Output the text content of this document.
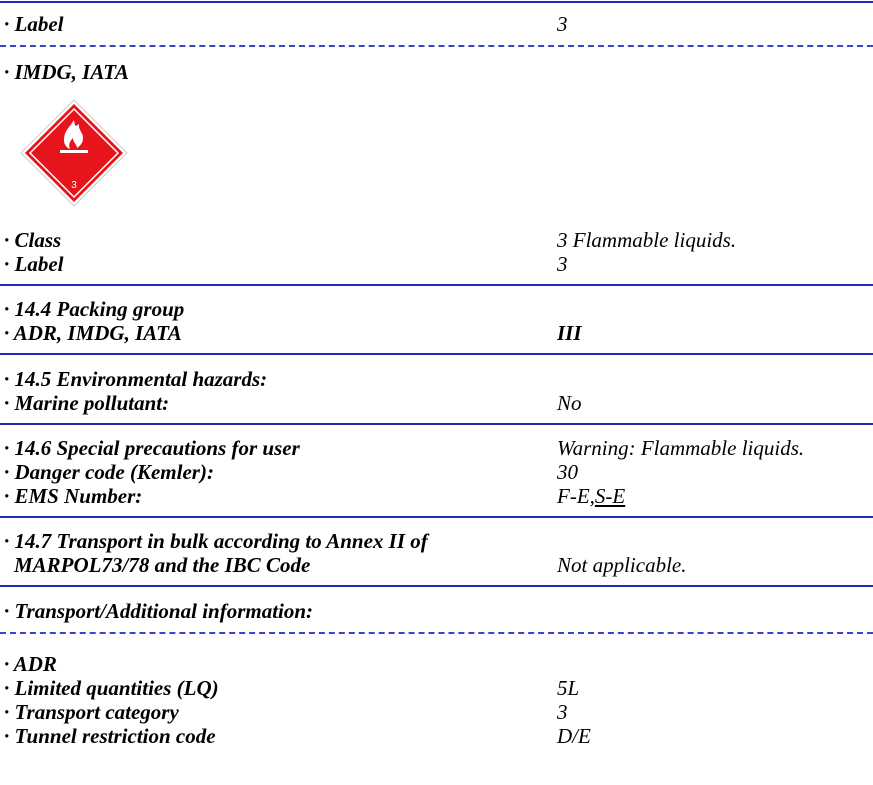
· Label	3
· IMDG, IATA
3
· Class	3 Flammable liquids.
· Label	3
· 14.4 Packing group
· ADR, IMDG, IATA	III
· 14.5 Environmental hazards:
· Marine pollutant:	No
· 14.6 Special precautions for user	Warning: Flammable liquids.
· Danger code (Kemler):	30
· EMS Number:	F-E,S-E
· 14.7 Transport in bulk according to Annex II of
MARPOL73/78 and the IBC Code	Not applicable.
· Transport/Additional information:
· ADR
· Limited quantities (LQ)	5L
· Transport category	3
· Tunnel restriction code	D/E
